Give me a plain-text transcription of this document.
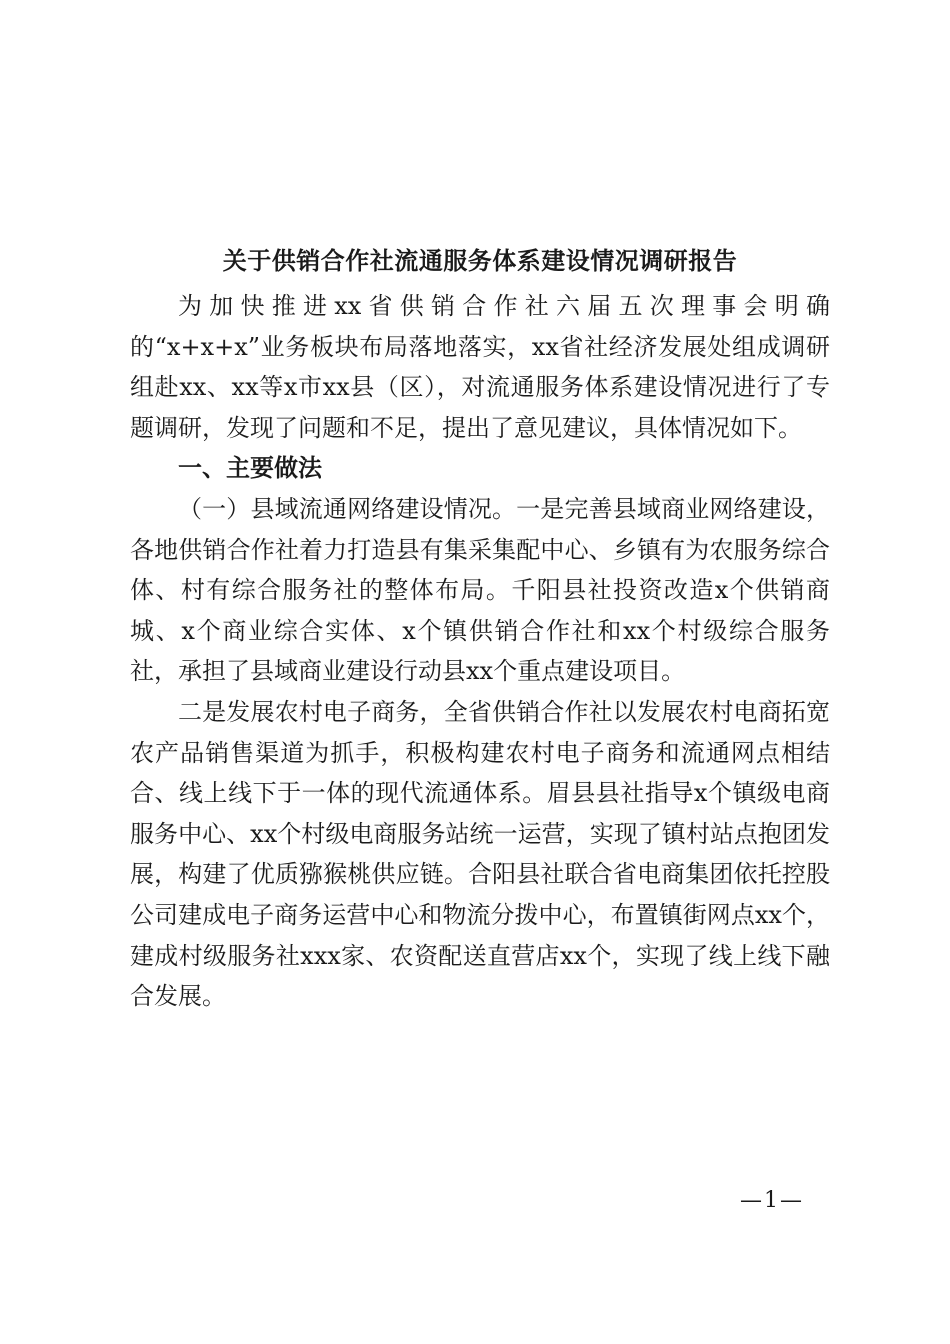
关于供销合作社流通服务体系建设情况调研报告

为加快推进xx省供销合作社六届五次理事会明确的“x+x+x”业务板块布局落地落实，xx省社经济发展处组成调研组赴xx、xx等x市xx县（区），对流通服务体系建设情况进行了专题调研，发现了问题和不足，提出了意见建议，具体情况如下。

一、主要做法

（一）县域流通网络建设情况。一是完善县域商业网络建设，各地供销合作社着力打造县有集采集配中心、乡镇有为农服务综合体、村有综合服务社的整体布局。千阳县社投资改造x个供销商城、x个商业综合实体、x个镇供销合作社和xx个村级综合服务社，承担了县域商业建设行动县xx个重点建设项目。

二是发展农村电子商务，全省供销合作社以发展农村电商拓宽农产品销售渠道为抓手，积极构建农村电子商务和流通网点相结合、线上线下于一体的现代流通体系。眉县县社指导x个镇级电商服务中心、xx个村级电商服务站统一运营，实现了镇村站点抱团发展，构建了优质猕猴桃供应链。合阳县社联合省电商集团依托控股公司建成电子商务运营中心和物流分拨中心，布置镇街网点xx个，建成村级服务社xxx家、农资配送直营店xx个，实现了线上线下融合发展。

—1—
